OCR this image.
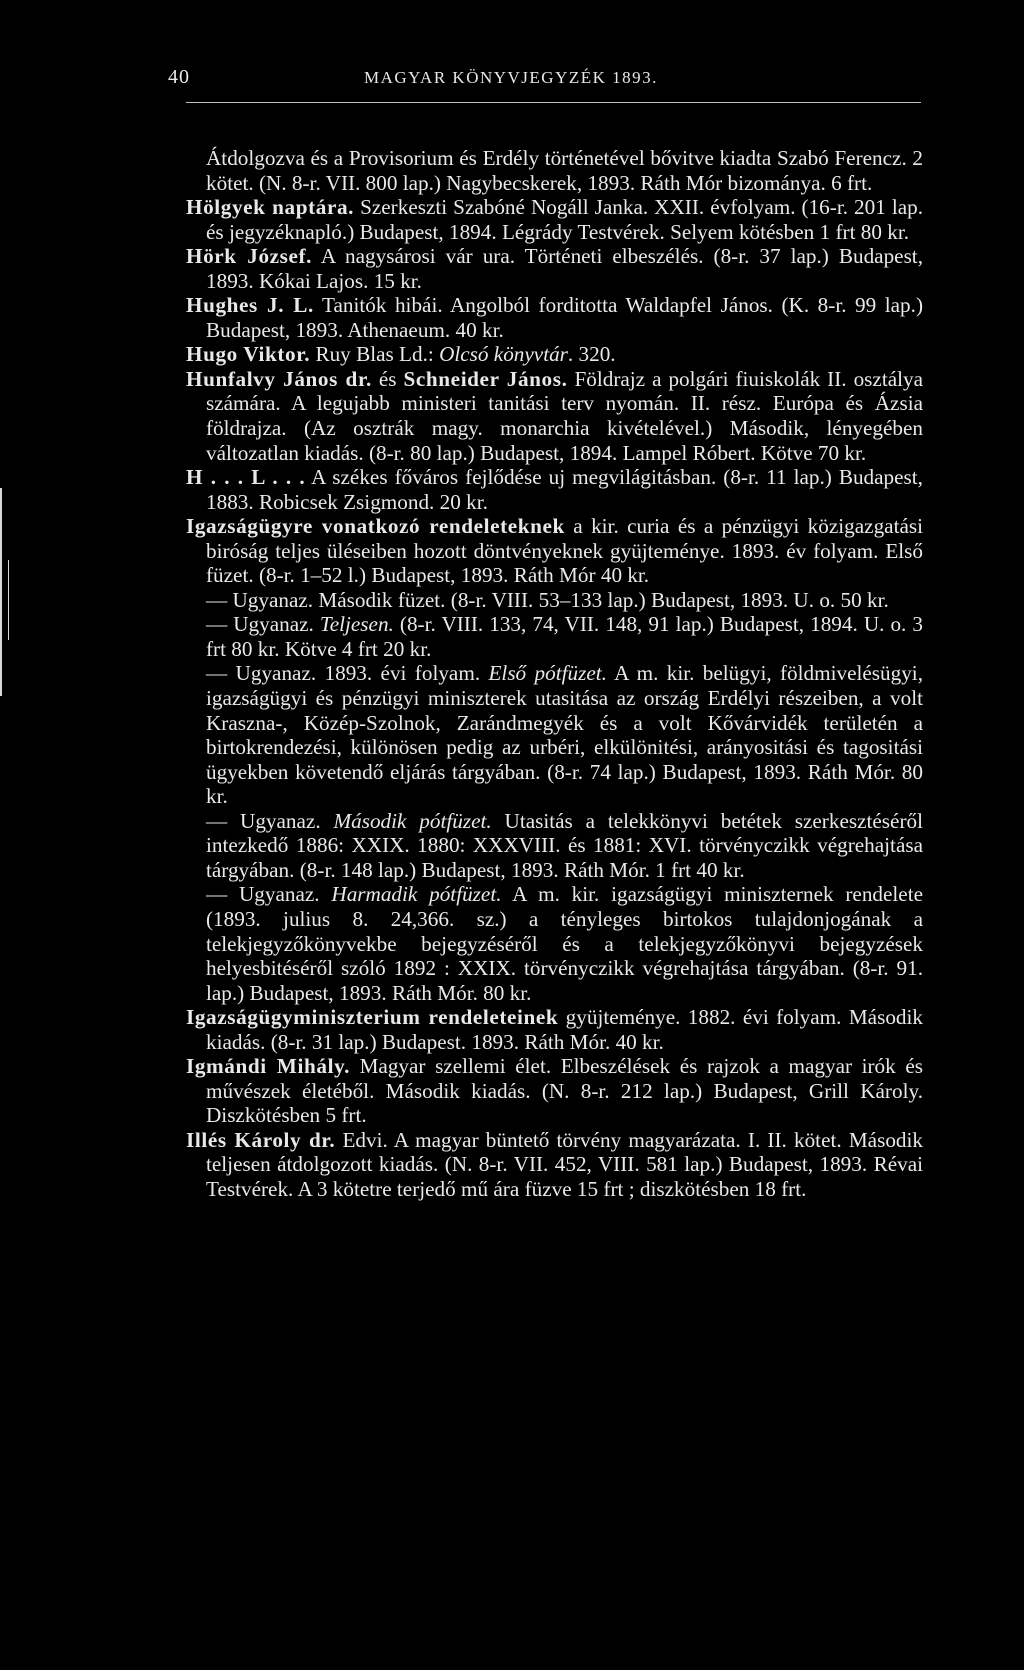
40	MAGYAR KÖNYVJEGYZÉK 1893.

Átdolgozva és a Provisorium és Erdély történetével bővitve kiadta Szabó Ferencz. 2 kötet. (N. 8-r. VII. 800 lap.) Nagybecskerek, 1893. Ráth Mór bizománya. 6 frt.

Hölgyek naptára. Szerkeszti Szabóné Nogáll Janka. XXII. évfolyam. (16-r. 201 lap. és jegyzéknapló.) Budapest, 1894. Légrády Testvérek. Selyem kötésben 1 frt 80 kr.

Hörk József. A nagysárosi vár ura. Történeti elbeszélés. (8-r. 37 lap.) Budapest, 1893. Kókai Lajos. 15 kr.

Hughes J. L. Tanitók hibái. Angolból forditotta Waldapfel János. (K. 8-r. 99 lap.) Budapest, 1893. Athenaeum. 40 kr.

Hugo Viktor. Ruy Blas Ld.: Olcsó könyvtár. 320.

Hunfalvy János dr. és Schneider János. Földrajz a polgári fiuiskolák II. osztálya számára. A legujabb ministeri tanitási terv nyomán. II. rész. Európa és Ázsia földrajza. (Az osztrák magy. monarchia kivételével.) Második, lényegében változatlan kiadás. (8-r. 80 lap.) Budapest, 1894. Lampel Róbert. Kötve 70 kr.

H . . . L . . . A székes főváros fejlődése uj megvilágitásban. (8-r. 11 lap.) Budapest, 1883. Robicsek Zsigmond. 20 kr.

Igazságügyre vonatkozó rendeleteknek a kir. curia és a pénzügyi közigazgatási biróság teljes üléseiben hozott döntvényeknek gyüjteménye. 1893. év folyam. Első füzet. (8-r. 1–52 l.) Budapest, 1893. Ráth Mór 40 kr.

— Ugyanaz. Második füzet. (8-r. VIII. 53–133 lap.) Budapest, 1893. U. o. 50 kr.

— Ugyanaz. Teljesen. (8-r. VIII. 133, 74, VII. 148, 91 lap.) Budapest, 1894. U. o. 3 frt 80 kr. Kötve 4 frt 20 kr.

— Ugyanaz. 1893. évi folyam. Első pótfüzet. A m. kir. belügyi, földmivelésügyi, igazságügyi és pénzügyi miniszterek utasitása az ország Erdélyi részeiben, a volt Kraszna-, Közép-Szolnok, Zarándmegyék és a volt Kővárvidék területén a birtokrendezési, különösen pedig az urbéri, elkülönitési, arányositási és tagositási ügyekben követendő eljárás tárgyában. (8-r. 74 lap.) Budapest, 1893. Ráth Mór. 80 kr.

— Ugyanaz. Második pótfüzet. Utasitás a telekkönyvi betétek szerkesztéséről intezkedő 1886: XXIX. 1880: XXXVIII. és 1881: XVI. törvényczikk végrehajtása tárgyában. (8-r. 148 lap.) Budapest, 1893. Ráth Mór. 1 frt 40 kr.

— Ugyanaz. Harmadik pótfüzet. A m. kir. igazságügyi miniszternek rendelete (1893. julius 8. 24,366. sz.) a tényleges birtokos tulajdonjogának a telekjegyzőkönyvekbe bejegyzéséről és a telekjegyzőkönyvi bejegyzések helyesbitéséről szóló 1892 : XXIX. törvényczikk végrehajtása tárgyában. (8-r. 91. lap.) Budapest, 1893. Ráth Mór. 80 kr.

Igazságügyminiszterium rendeleteinek gyüjteménye. 1882. évi folyam. Második kiadás. (8-r. 31 lap.) Budapest. 1893. Ráth Mór. 40 kr.

Igmándi Mihály. Magyar szellemi élet. Elbeszélések és rajzok a magyar irók és művészek életéből. Második kiadás. (N. 8-r. 212 lap.) Budapest, Grill Károly. Diszkötésben 5 frt.

Illés Károly dr. Edvi. A magyar büntető törvény magyarázata. I. II. kötet. Második teljesen átdolgozott kiadás. (N. 8-r. VII. 452, VIII. 581 lap.) Budapest, 1893. Révai Testvérek. A 3 kötetre terjedő mű ára füzve 15 frt ; diszkötésben 18 frt.
